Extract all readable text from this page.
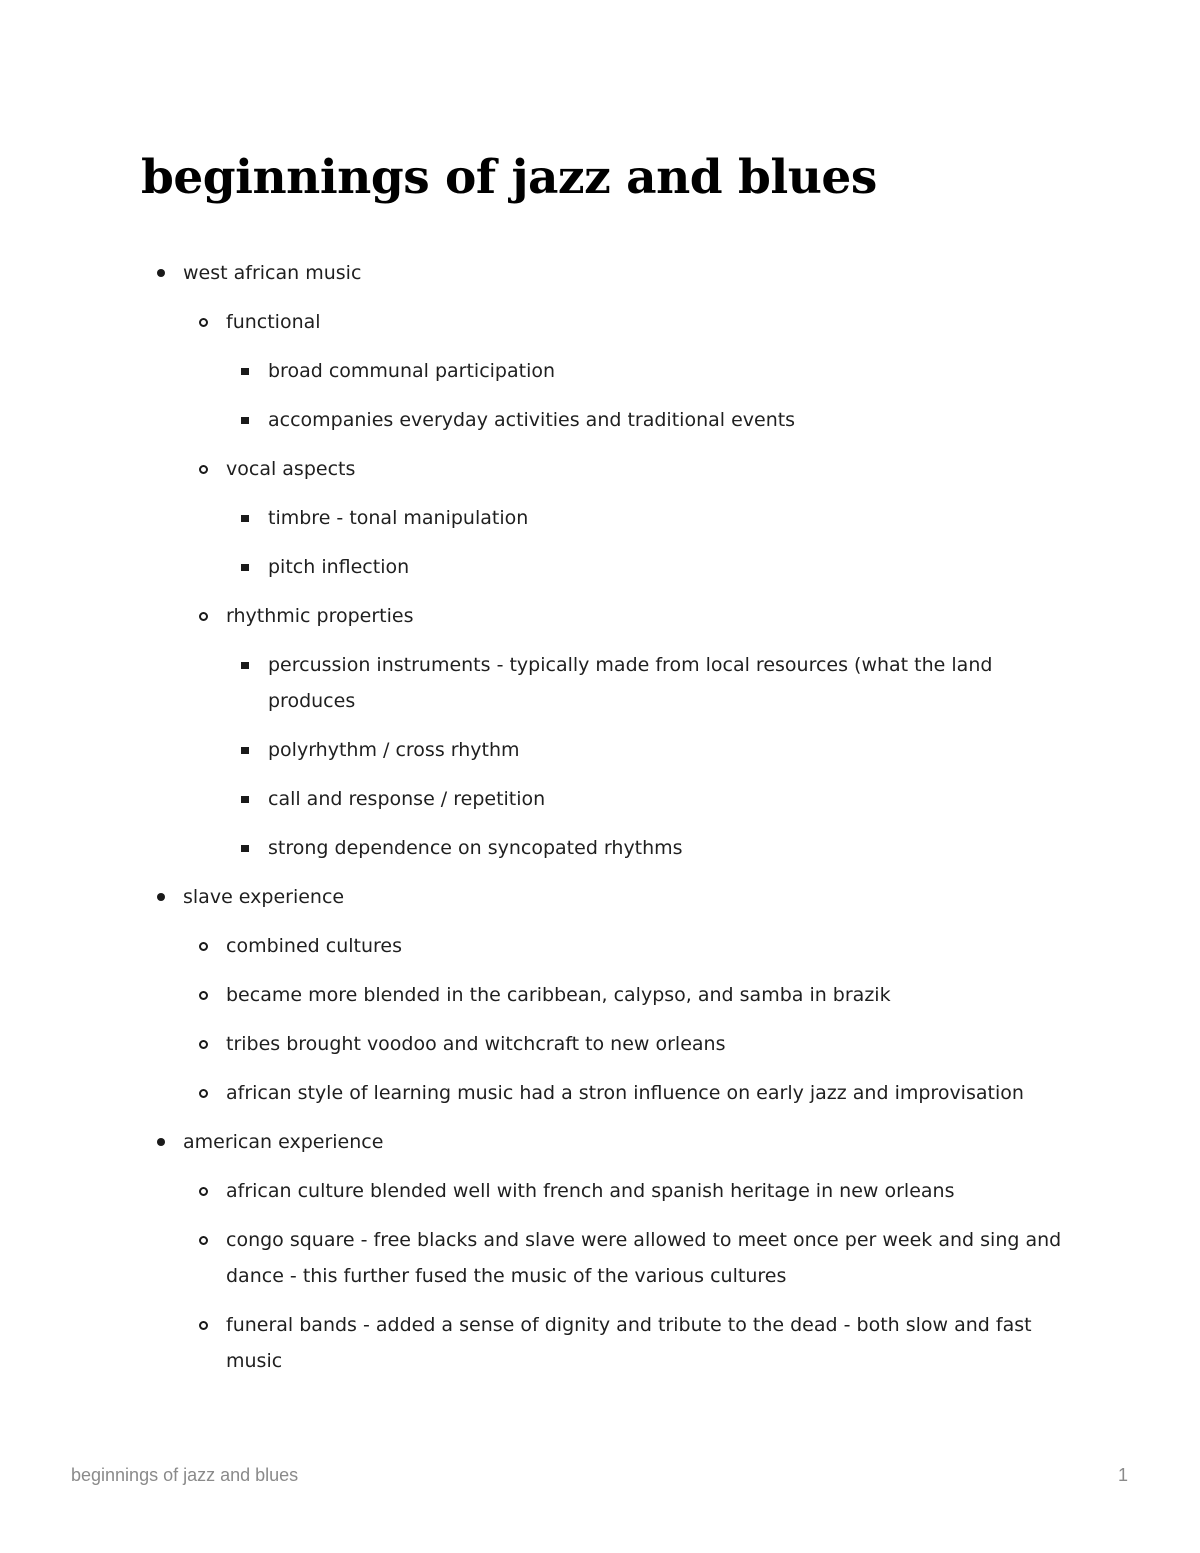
beginnings of jazz and blues
west african music
functional
broad communal participation
accompanies everyday activities and traditional events
vocal aspects
timbre - tonal manipulation
pitch inflection
rhythmic properties
percussion instruments - typically made from local resources (what the land produces
polyrhythm / cross rhythm
call and response / repetition
strong dependence on syncopated rhythms
slave experience
combined cultures
became more blended in the caribbean, calypso, and samba in brazik
tribes brought voodoo and witchcraft to new orleans
african style of learning music had a stron influence on early jazz and improvisation
american experience
african culture blended well with french and spanish heritage in new orleans
congo square - free blacks and slave were allowed to meet once per week and sing and dance - this further fused the music of the various cultures
funeral bands - added a sense of dignity and tribute to the dead - both slow and fast music
beginnings of jazz and blues	1
